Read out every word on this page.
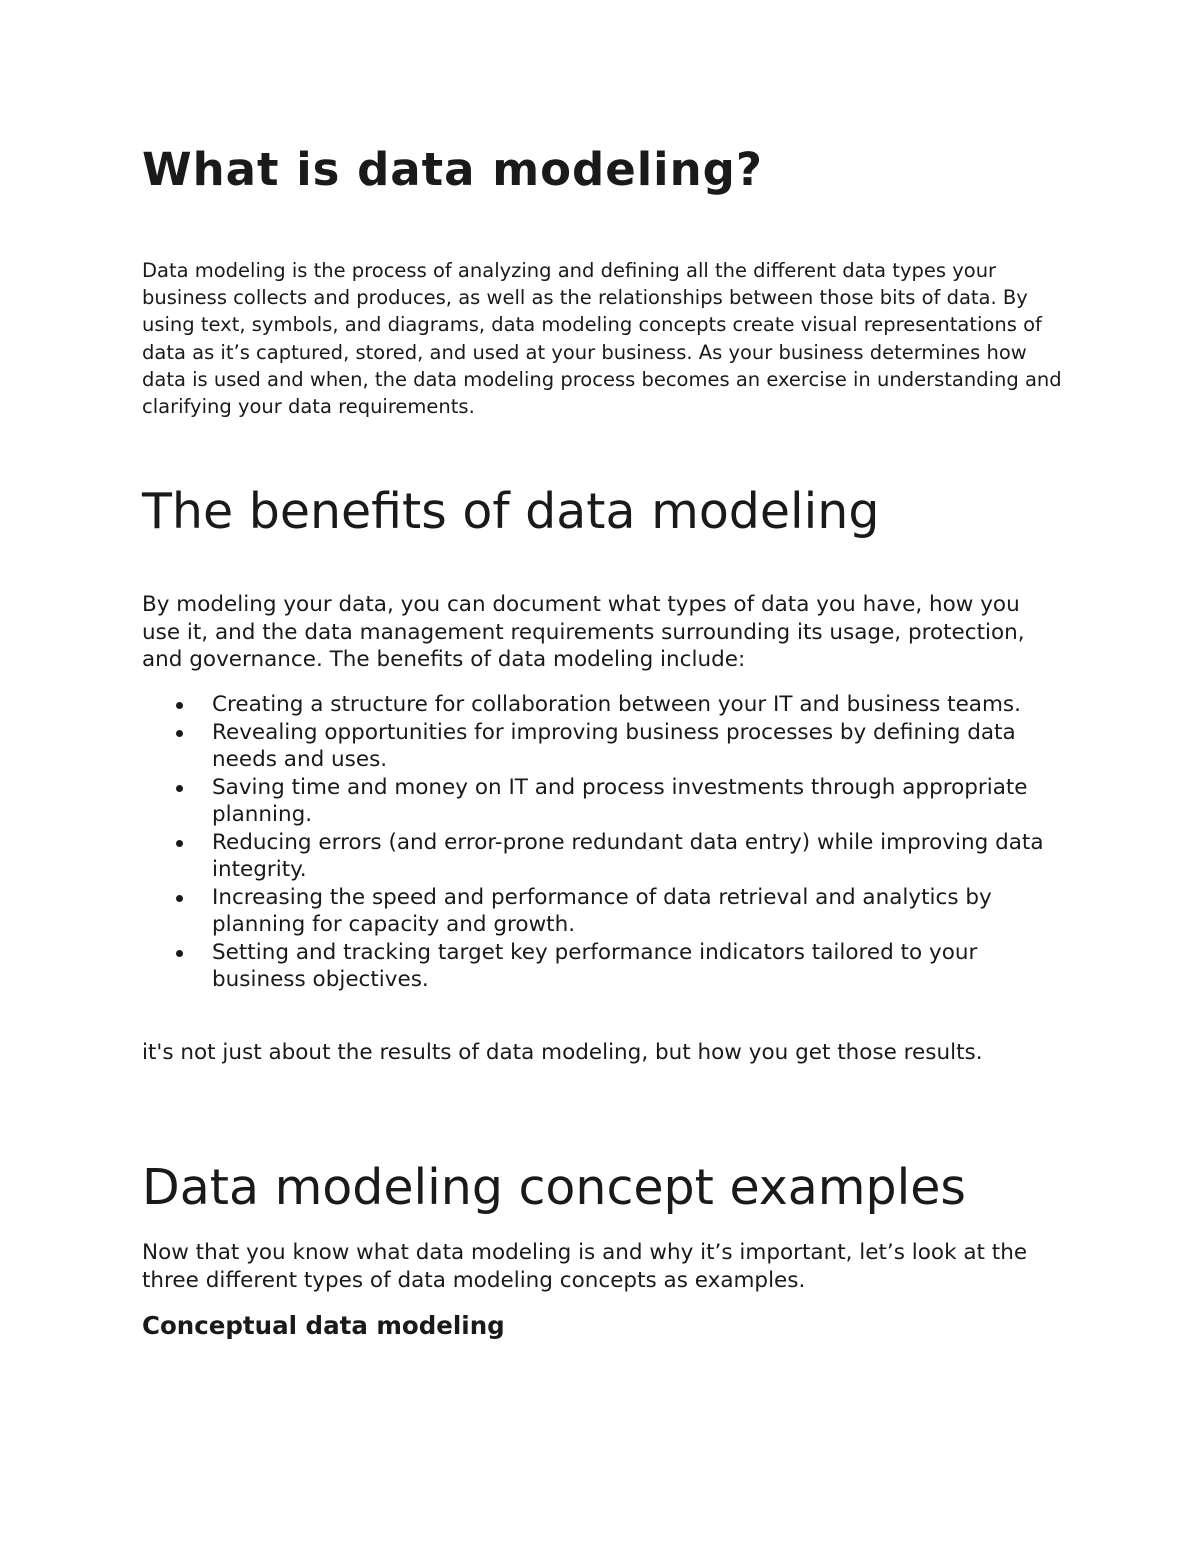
What is data modeling?

Data modeling is the process of analyzing and defining all the different data types your business collects and produces, as well as the relationships between those bits of data. By using text, symbols, and diagrams, data modeling concepts create visual representations of data as it’s captured, stored, and used at your business. As your business determines how data is used and when, the data modeling process becomes an exercise in understanding and clarifying your data requirements.

The benefits of data modeling

By modeling your data, you can document what types of data you have, how you use it, and the data management requirements surrounding its usage, protection, and governance. The benefits of data modeling include:

Creating a structure for collaboration between your IT and business teams.
Revealing opportunities for improving business processes by defining data needs and uses.
Saving time and money on IT and process investments through appropriate planning.
Reducing errors (and error-prone redundant data entry) while improving data integrity.
Increasing the speed and performance of data retrieval and analytics by planning for capacity and growth.
Setting and tracking target key performance indicators tailored to your business objectives.

it's not just about the results of data modeling, but how you get those results.

Data modeling concept examples

Now that you know what data modeling is and why it’s important, let’s look at the three different types of data modeling concepts as examples.

Conceptual data modeling
